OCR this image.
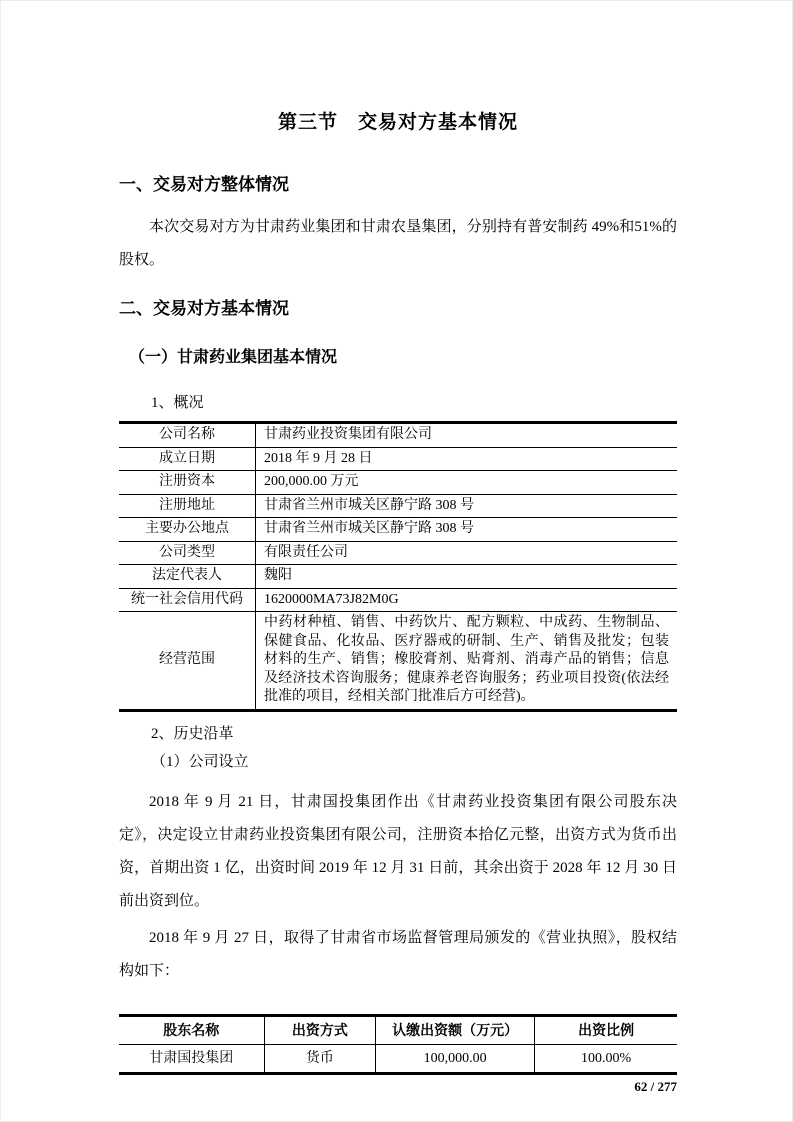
第三节　交易对方基本情况
一、交易对方整体情况

本次交易对方为甘肃药业集团和甘肃农垦集团，分别持有普安制药 49%和51%的股权。

二、交易对方基本情况
（一）甘肃药业集团基本情况

1、概况

公司名称	甘肃药业投资集团有限公司
成立日期	2018 年 9 月 28 日
注册资本	200,000.00 万元
注册地址	甘肃省兰州市城关区静宁路 308 号
主要办公地点	甘肃省兰州市城关区静宁路 308 号
公司类型	有限责任公司
法定代表人	魏阳
统一社会信用代码	1620000MA73J82M0G
经营范围	中药材种植、销售、中药饮片、配方颗粒、中成药、生物制品、保健食品、化妆品、医疗器戒的研制、生产、销售及批发；包装材料的生产、销售；橡胶膏剂、贴膏剂、消毒产品的销售；信息及经济技术咨询服务；健康养老咨询服务；药业项目投资(依法经批准的项目，经相关部门批准后方可经营)。

2、历史沿革

（1）公司设立

2018 年 9 月 21 日，甘肃国投集团作出《甘肃药业投资集团有限公司股东决定》，决定设立甘肃药业投资集团有限公司，注册资本拾亿元整，出资方式为货币出资，首期出资 1 亿，出资时间 2019 年 12 月 31 日前，其余出资于 2028 年 12 月 30 日前出资到位。

2018 年 9 月 27 日，取得了甘肃省市场监督管理局颁发的《营业执照》，股权结构如下：

股东名称	出资方式	认缴出资额（万元）	出资比例
甘肃国投集团	货币	100,000.00	100.00%
62 / 277
